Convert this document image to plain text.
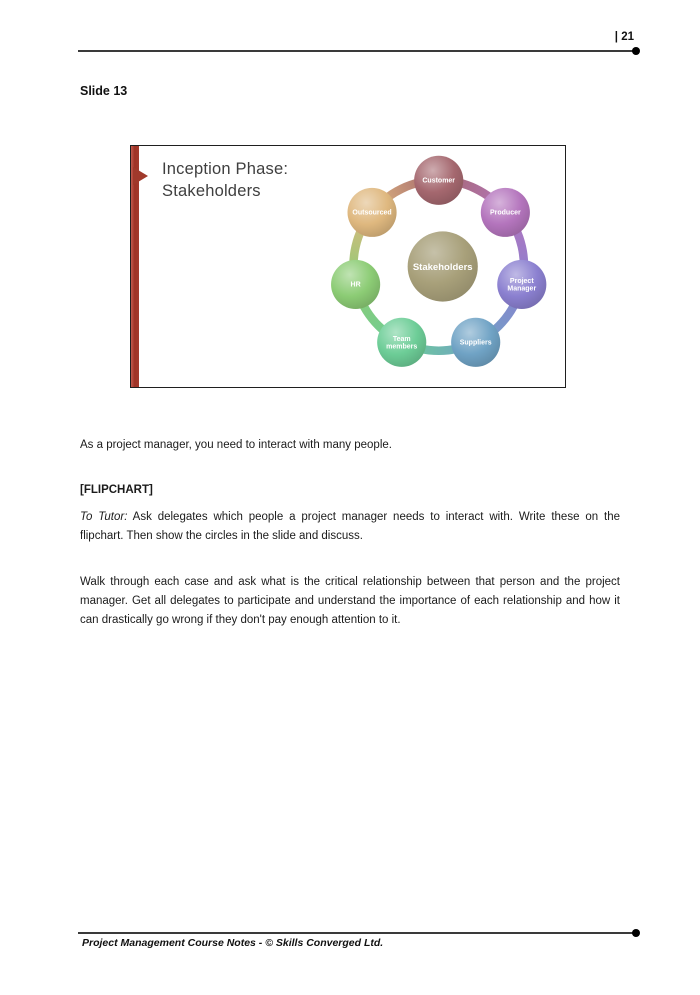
| 21
Slide 13
Customer
Producer
Project Manager
Suppliers
Team members
HR
Outsourced
Stakeholders
Inception Phase:
Stakeholders

As a project manager, you need to interact with many people.

[FLIPCHART]

To Tutor: Ask delegates which people a project manager needs to interact with. Write these on the flipchart. Then show the circles in the slide and discuss.

Walk through each case and ask what is the critical relationship between that person and the project manager. Get all delegates to participate and understand the importance of each relationship and how it can drastically go wrong if they don't pay enough attention to it.

Project Management Course Notes - © Skills Converged Ltd.
